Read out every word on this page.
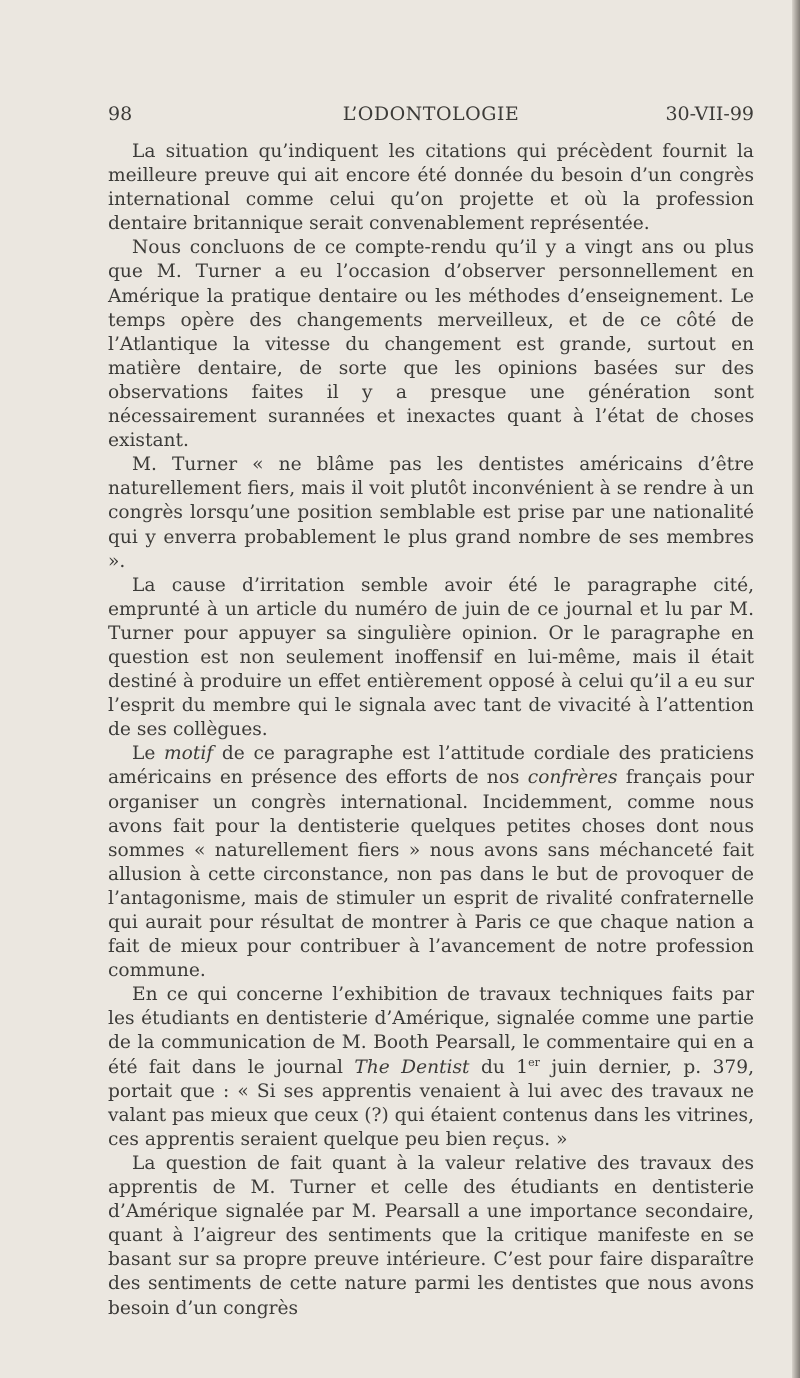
98	L’ODONTOLOGIE	30-VII-99

La situation qu’indiquent les citations qui précèdent fournit la meilleure preuve qui ait encore été donnée du besoin d’un congrès international comme celui qu’on projette et où la profession dentaire britannique serait convenablement représentée.

Nous concluons de ce compte-rendu qu’il y a vingt ans ou plus que M. Turner a eu l’occasion d’observer personnellement en Amérique la pratique dentaire ou les méthodes d’enseignement. Le temps opère des changements merveilleux, et de ce côté de l’Atlantique la vitesse du changement est grande, surtout en matière dentaire, de sorte que les opinions basées sur des observations faites il y a presque une génération sont nécessairement surannées et inexactes quant à l’état de choses existant.

M. Turner « ne blâme pas les dentistes américains d’être naturellement fiers, mais il voit plutôt inconvénient à se rendre à un congrès lorsqu’une position semblable est prise par une nationalité qui y enverra probablement le plus grand nombre de ses membres ».

La cause d’irritation semble avoir été le paragraphe cité, emprunté à un article du numéro de juin de ce journal et lu par M. Turner pour appuyer sa singulière opinion. Or le paragraphe en question est non seulement inoffensif en lui-même, mais il était destiné à produire un effet entièrement opposé à celui qu’il a eu sur l’esprit du membre qui le signala avec tant de vivacité à l’attention de ses collègues.

Le motif de ce paragraphe est l’attitude cordiale des praticiens américains en présence des efforts de nos confrères français pour organiser un congrès international. Incidemment, comme nous avons fait pour la dentisterie quelques petites choses dont nous sommes « naturellement fiers » nous avons sans méchanceté fait allusion à cette circonstance, non pas dans le but de provoquer de l’antagonisme, mais de stimuler un esprit de rivalité confraternelle qui aurait pour résultat de montrer à Paris ce que chaque nation a fait de mieux pour contribuer à l’avancement de notre profession commune.

En ce qui concerne l’exhibition de travaux techniques faits par les étudiants en dentisterie d’Amérique, signalée comme une partie de la communication de M. Booth Pearsall, le commentaire qui en a été fait dans le journal The Dentist du 1er juin dernier, p. 379, portait que : « Si ses apprentis venaient à lui avec des travaux ne valant pas mieux que ceux (?) qui étaient contenus dans les vitrines, ces apprentis seraient quelque peu bien reçus. »

La question de fait quant à la valeur relative des travaux des apprentis de M. Turner et celle des étudiants en dentisterie d’Amérique signalée par M. Pearsall a une importance secondaire, quant à l’aigreur des sentiments que la critique manifeste en se basant sur sa propre preuve intérieure. C’est pour faire disparaître des sentiments de cette nature parmi les dentistes que nous avons besoin d’un congrès
